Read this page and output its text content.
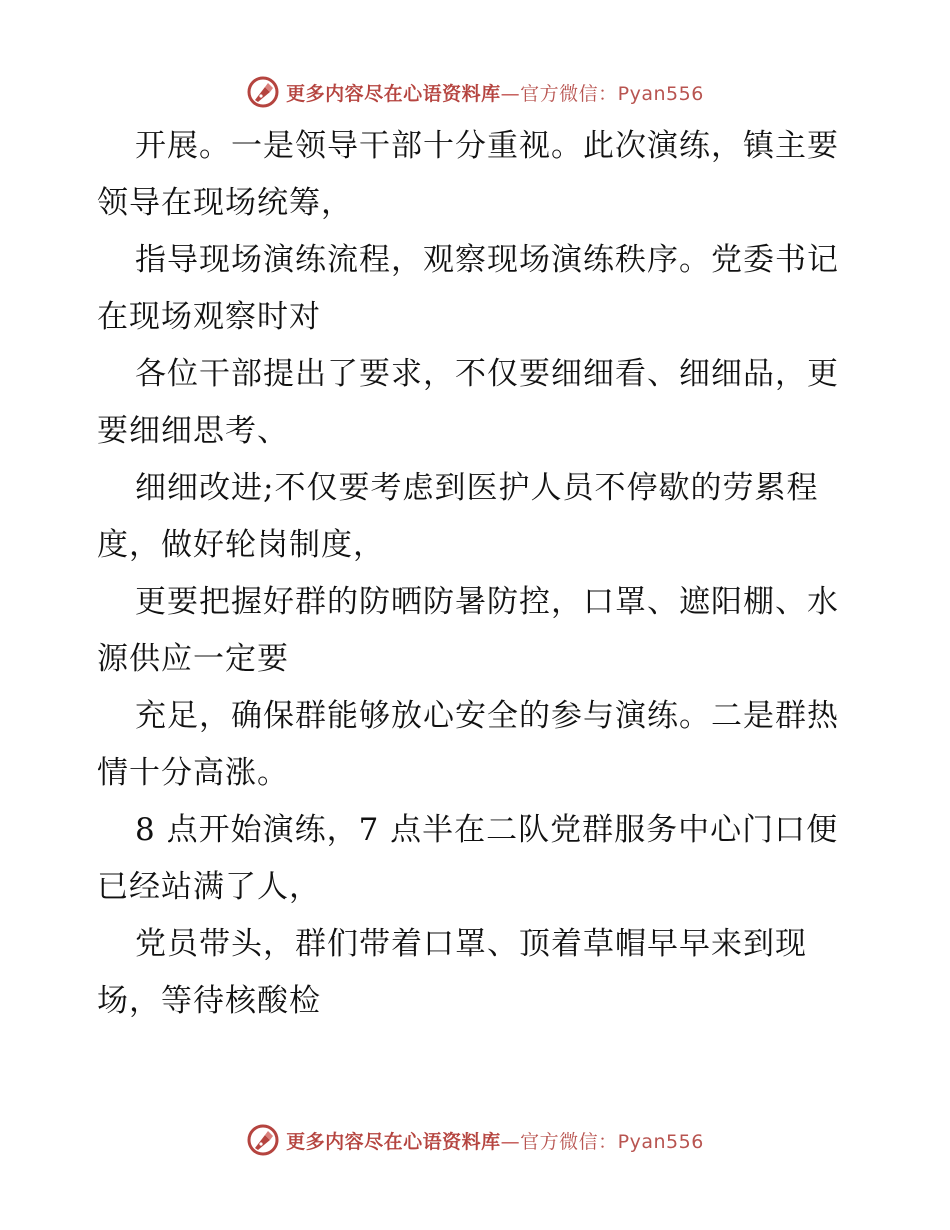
更多内容尽在心语资料库—官方微信：Pyan556

开展。一是领导干部十分重视。此次演练，镇主要领导在现场统筹，

指导现场演练流程，观察现场演练秩序。党委书记在现场观察时对

各位干部提出了要求，不仅要细细看、细细品，更要细细思考、

细细改进;不仅要考虑到医护人员不停歇的劳累程度，做好轮岗制度，

更要把握好群的防晒防暑防控，口罩、遮阳棚、水源供应一定要

充足，确保群能够放心安全的参与演练。二是群热情十分高涨。

8 点开始演练，7 点半在二队党群服务中心门口便已经站满了人，

党员带头，群们带着口罩、顶着草帽早早来到现场，等待核酸检

更多内容尽在心语资料库—官方微信：Pyan556
